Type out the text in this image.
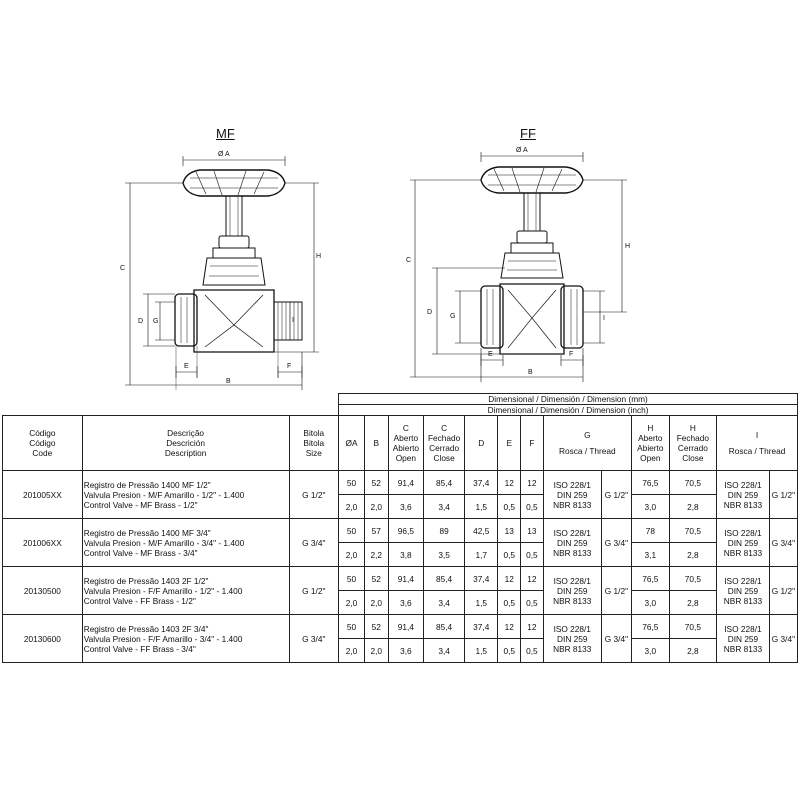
MF
Ø A
C
H
D G	I
E	F
B
FF
Ø A
C
H
D
G	I
E	F
B
			Dimensional / Dimensión / Dimension (mm)												
			Dimensional / Dimensión / Dimension (inch)												

Código
Código
Code	Descrição
Descrición
Description	Bitola
Bitola
Size	ØA	B	C
Aberto
Abierto
Open	C
Fechado
Cerrado
Close	D	E	F	G
Rosca / Thread		H
Aberto
Abierto
Open	H
Fechado
Cerrado
Close	I
Rosca / Thread	

201005XX	Registro de Pressão 1400 MF 1/2"
Valvula Presion - M/F Amarillo - 1/2" - 1.400
Control Valve - MF Brass - 1/2"	G 1/2"	50	52	91,4	85,4	37,4	12	12	ISO 228/1
DIN 259
NBR 8133	G 1/2"	76,5	70,5	ISO 228/1
DIN 259
NBR 8133	G 1/2"
			2,0	2,0	3,6	3,4	1,5	0,5	0,5			3,0	2,8		
201006XX	Registro de Pressão 1400 MF 3/4"
Valvula Presion - M/F Amarillo - 3/4" - 1.400
Control Valve - MF Brass - 3/4"	G 3/4"	50	57	96,5	89	42,5	13	13	ISO 228/1
DIN 259
NBR 8133	G 3/4"	78	70,5	ISO 228/1
DIN 259
NBR 8133	G 3/4"
			2,0	2,2	3,8	3,5	1,7	0,5	0,5			3,1	2,8		
20130500	Registro de Pressão 1403 2F 1/2"
Valvula Presion - F/F Amarillo - 1/2" - 1.400
Control Valve - FF Brass - 1/2"	G 1/2"	50	52	91,4	85,4	37,4	12	12	ISO 228/1
DIN 259
NBR 8133	G 1/2"	76,5	70,5	ISO 228/1
DIN 259
NBR 8133	G 1/2"
			2,0	2,0	3,6	3,4	1,5	0,5	0,5			3,0	2,8		
20130600	Registro de Pressão 1403 2F 3/4"
Valvula Presion - F/F Amarillo - 3/4" - 1.400
Control Valve - FF Brass - 3/4"	G 3/4"	50	52	91,4	85,4	37,4	12	12	ISO 228/1
DIN 259
NBR 8133	G 3/4"	76,5	70,5	ISO 228/1
DIN 259
NBR 8133	G 3/4"
			2,0	2,0	3,6	3,4	1,5	0,5	0,5			3,0	2,8		
